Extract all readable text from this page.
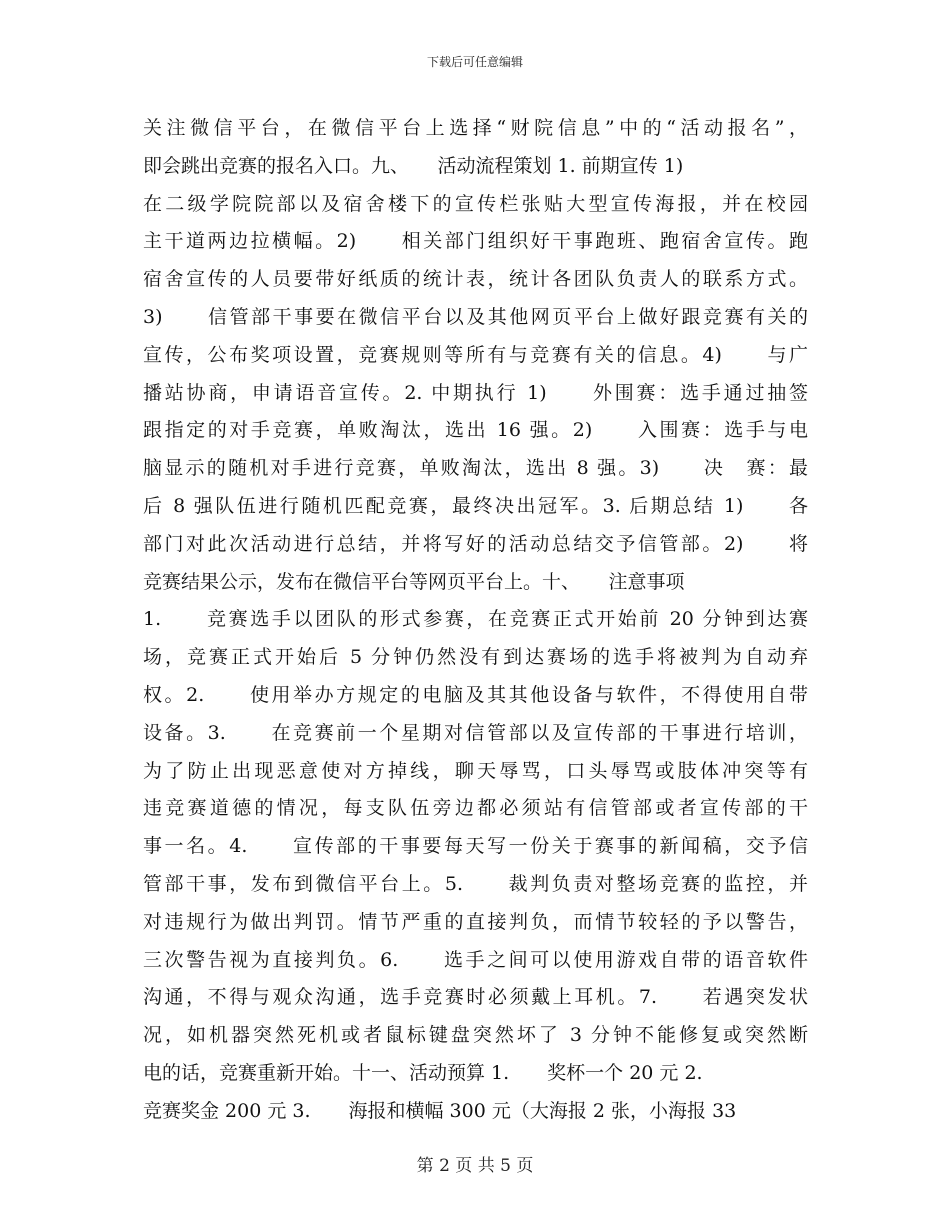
下载后可任意编辑
关注微信平台，在微信平台上选择“财院信息”中的“活动报名”，
即会跳出竞赛的报名入口。九、　　活动流程策划 1. 前期宣传 1)
在二级学院院部以及宿舍楼下的宣传栏张贴大型宣传海报，并在校园
主干道两边拉横幅。2)　　相关部门组织好干事跑班、跑宿舍宣传。跑
宿舍宣传的人员要带好纸质的统计表，统计各团队负责人的联系方式。
3)　　信管部干事要在微信平台以及其他网页平台上做好跟竞赛有关的
宣传，公布奖项设置，竞赛规则等所有与竞赛有关的信息。4)　　与广
播站协商，申请语音宣传。2. 中期执行 1)　　外围赛：选手通过抽签
跟指定的对手竞赛，单败淘汰，选出 16 强。2)　　入围赛：选手与电
脑显示的随机对手进行竞赛，单败淘汰，选出 8 强。3)　　决　赛：最
后 8 强队伍进行随机匹配竞赛，最终决出冠军。3. 后期总结 1)　　各
部门对此次活动进行总结，并将写好的活动总结交予信管部。2)　　将
竞赛结果公示，发布在微信平台等网页平台上。十、　　注意事项
1.　　竞赛选手以团队的形式参赛，在竞赛正式开始前 20 分钟到达赛
场，竞赛正式开始后 5 分钟仍然没有到达赛场的选手将被判为自动弃
权。2.　　使用举办方规定的电脑及其其他设备与软件，不得使用自带
设备。3.　　在竞赛前一个星期对信管部以及宣传部的干事进行培训，
为了防止出现恶意使对方掉线，聊天辱骂，口头辱骂或肢体冲突等有
违竞赛道德的情况，每支队伍旁边都必须站有信管部或者宣传部的干
事一名。4.　　宣传部的干事要每天写一份关于赛事的新闻稿，交予信
管部干事，发布到微信平台上。5.　　裁判负责对整场竞赛的监控，并
对违规行为做出判罚。情节严重的直接判负，而情节较轻的予以警告，
三次警告视为直接判负。6.　　选手之间可以使用游戏自带的语音软件
沟通，不得与观众沟通，选手竞赛时必须戴上耳机。7.　　若遇突发状
况，如机器突然死机或者鼠标键盘突然坏了 3 分钟不能修复或突然断
电的话，竞赛重新开始。十一、活动预算 1.　　奖杯一个 20 元 2.
竞赛奖金 200 元 3.　　海报和横幅 300 元（大海报 2 张，小海报 33
第 2 页 共 5 页
